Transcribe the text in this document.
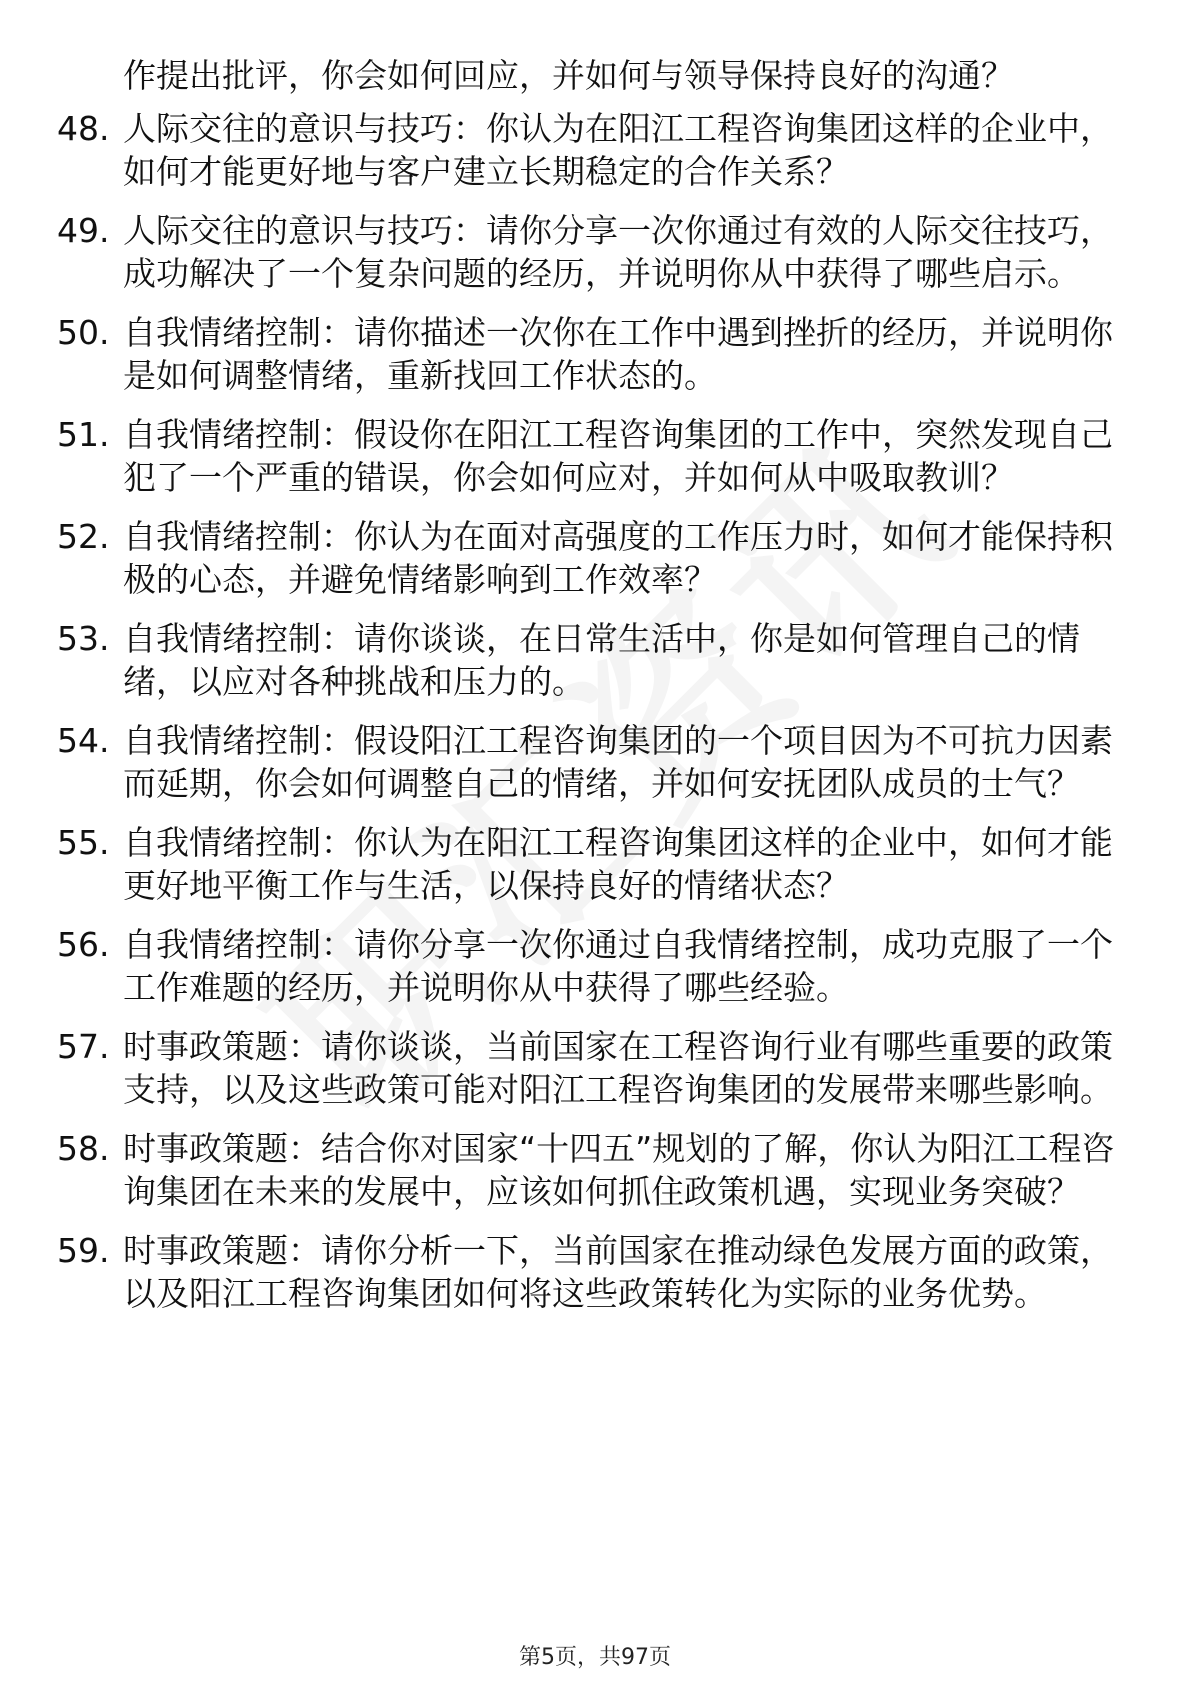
作提出批评，你会如何回应，并如何与领导保持良好的沟通？
48. 人际交往的意识与技巧：你认为在阳江工程咨询集团这样的企业中，如何才能更好地与客户建立长期稳定的合作关系？
49. 人际交往的意识与技巧：请你分享一次你通过有效的人际交往技巧，成功解决了一个复杂问题的经历，并说明你从中获得了哪些启示。
50. 自我情绪控制：请你描述一次你在工作中遇到挫折的经历，并说明你是如何调整情绪，重新找回工作状态的。
51. 自我情绪控制：假设你在阳江工程咨询集团的工作中，突然发现自己犯了一个严重的错误，你会如何应对，并如何从中吸取教训？
52. 自我情绪控制：你认为在面对高强度的工作压力时，如何才能保持积极的心态，并避免情绪影响到工作效率？
53. 自我情绪控制：请你谈谈，在日常生活中，你是如何管理自己的情绪，以应对各种挑战和压力的。
54. 自我情绪控制：假设阳江工程咨询集团的一个项目因为不可抗力因素而延期，你会如何调整自己的情绪，并如何安抚团队成员的士气？
55. 自我情绪控制：你认为在阳江工程咨询集团这样的企业中，如何才能更好地平衡工作与生活，以保持良好的情绪状态？
56. 自我情绪控制：请你分享一次你通过自我情绪控制，成功克服了一个工作难题的经历，并说明你从中获得了哪些经验。
57. 时事政策题：请你谈谈，当前国家在工程咨询行业有哪些重要的政策支持，以及这些政策可能对阳江工程咨询集团的发展带来哪些影响。
58. 时事政策题：结合你对国家“十四五”规划的了解，你认为阳江工程咨询集团在未来的发展中，应该如何抓住政策机遇，实现业务突破？
59. 时事政策题：请你分析一下，当前国家在推动绿色发展方面的政策，以及阳江工程咨询集团如何将这些政策转化为实际的业务优势。
第5页，共97页
